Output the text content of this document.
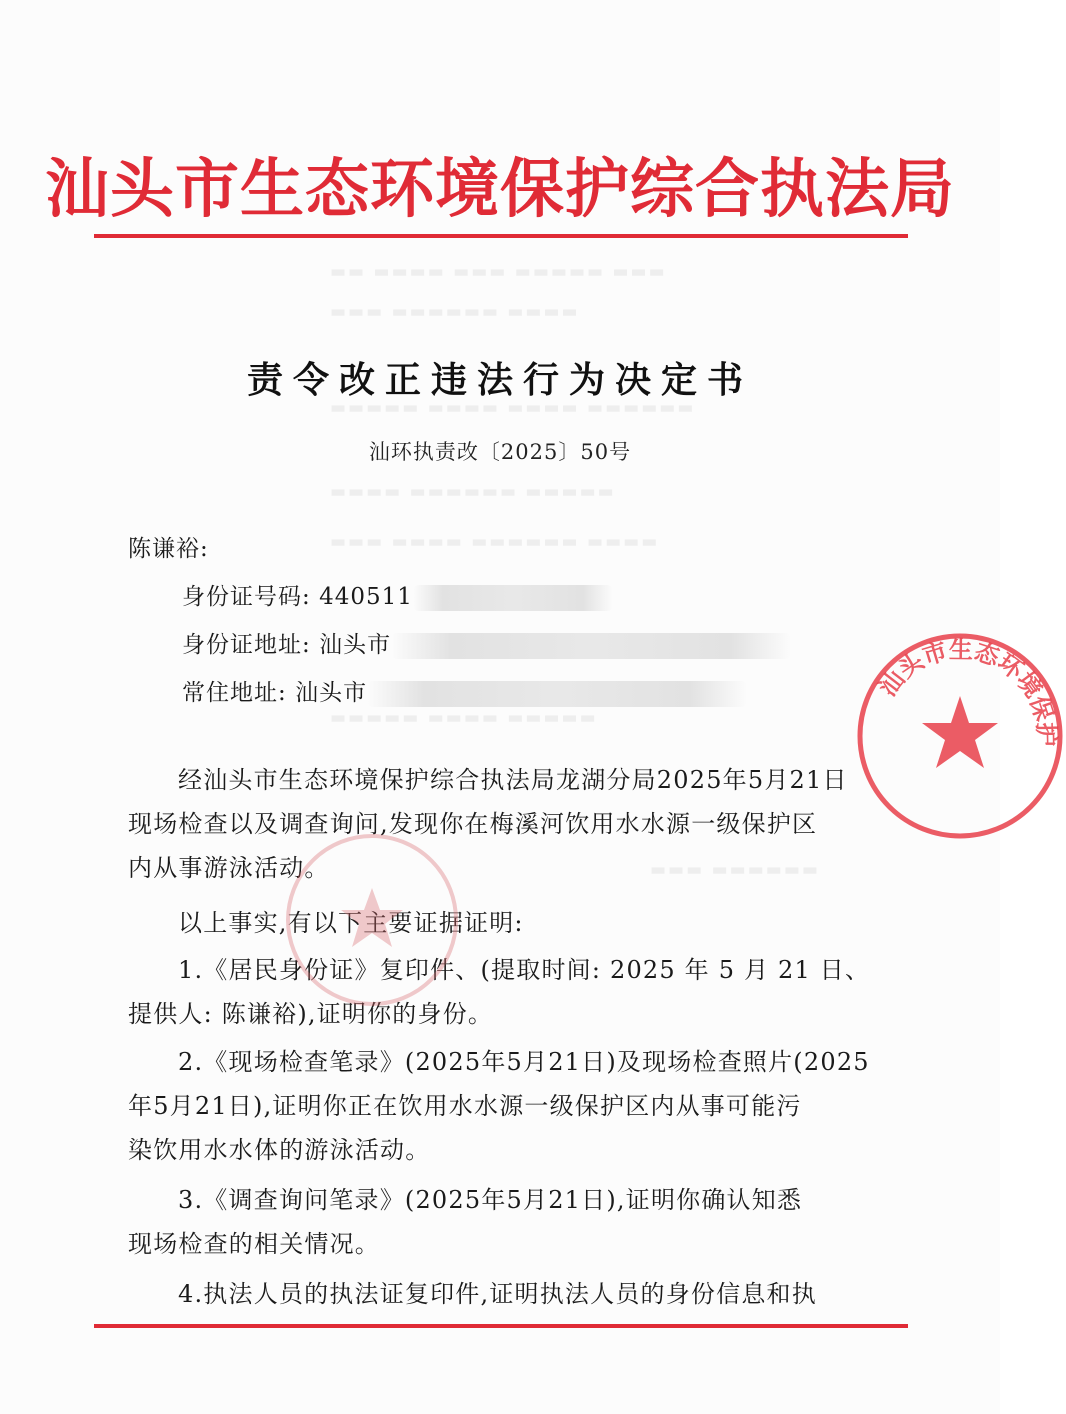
▬▬ ▬▬▬▬ ▬▬▬ ▬▬▬▬▬ ▬▬▬
▬▬▬ ▬▬▬▬▬▬ ▬▬▬▬
▬▬▬▬▬ ▬▬▬▬ ▬▬▬▬ ▬▬▬▬▬▬
▬▬▬▬ ▬▬▬▬▬▬ ▬▬▬▬▬
▬▬▬ ▬▬▬▬ ▬▬▬▬▬▬ ▬▬▬▬
▬▬▬▬▬ ▬▬▬▬ ▬▬▬▬▬
▬▬▬ ▬▬▬▬▬▬
汕头市生态环境保护综合执法局
责令改正违法行为决定书
汕环执责改〔2025〕50号
陈谦裕:
身份证号码: 440511
身份证地址: 汕头市
常住地址: 汕头市
经汕头市生态环境保护综合执法局龙湖分局2025年5月21日
现场检查以及调查询问,发现你在梅溪河饮用水水源一级保护区
内从事游泳活动。
以上事实,有以下主要证据证明:
1.《居民身份证》复印件、(提取时间: 2025 年 5 月 21 日、
提供人: 陈谦裕),证明你的身份。
2.《现场检查笔录》(2025年5月21日)及现场检查照片(2025
年5月21日),证明你正在饮用水水源一级保护区内从事可能污
染饮用水水体的游泳活动。
3.《调查询问笔录》(2025年5月21日),证明你确认知悉
现场检查的相关情况。
4.执法人员的执法证复印件,证明执法人员的身份信息和执
汕头市生态环境保护
